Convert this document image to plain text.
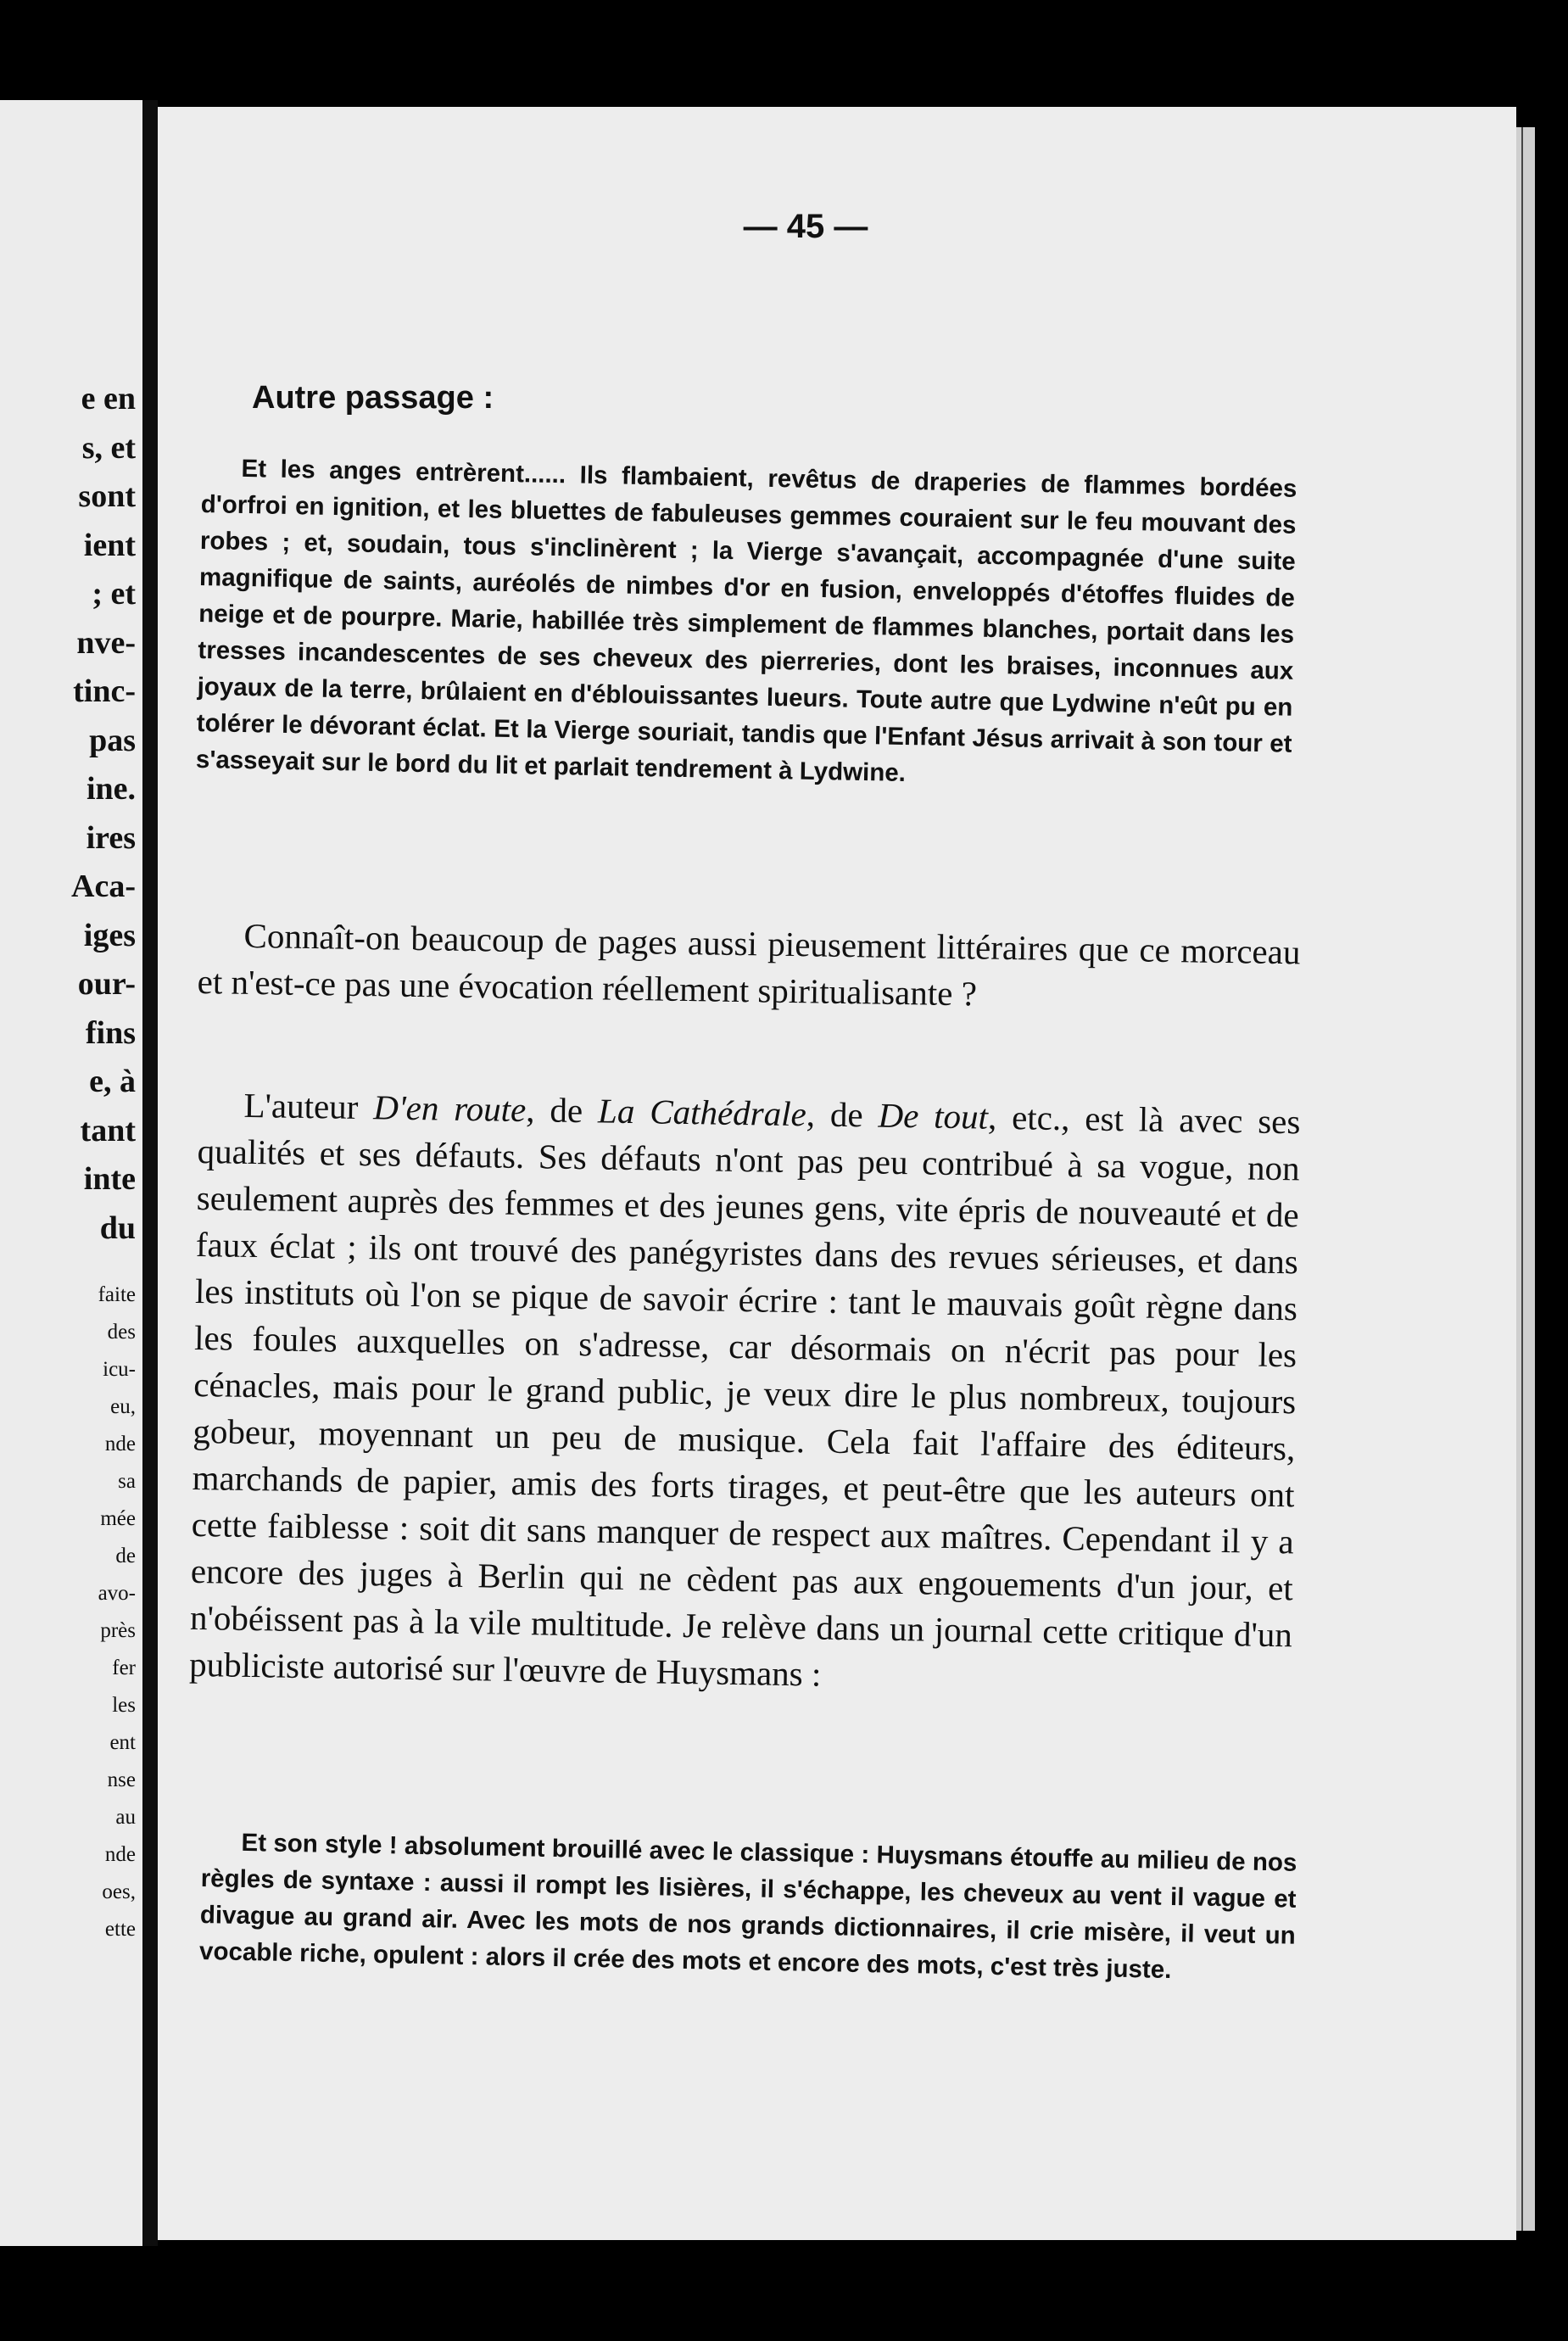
e en

s, et

sont

ient

; et

nve-

tinc-

pas

ine.

ires

Aca-

iges

our-

fins

e, à

tant

inte

du

faite

des

icu-

eu,

nde

sa

mée

de

avo-

près

fer

les

ent

nse

au

nde

oes,

ette

— 45 —

Autre passage :

Et les anges entrèrent...... Ils flambaient, revêtus de draperies de flammes bordées d'orfroi en ignition, et les bluettes de fabuleuses gemmes couraient sur le feu mouvant des robes ; et, soudain, tous s'inclinèrent ; la Vierge s'avançait, accompagnée d'une suite magnifique de saints, auréolés de nimbes d'or en fusion, enveloppés d'étoffes fluides de neige et de pourpre. Marie, habillée très simplement de flammes blanches, portait dans les tresses incandescentes de ses cheveux des pierreries, dont les braises, inconnues aux joyaux de la terre, brûlaient en d'éblouissantes lueurs. Toute autre que Lydwine n'eût pu en tolérer le dévorant éclat. Et la Vierge souriait, tandis que l'Enfant Jésus arrivait à son tour et s'asseyait sur le bord du lit et parlait tendrement à Lydwine.

Connaît-on beaucoup de pages aussi pieusement littéraires que ce morceau et n'est-ce pas une évocation réellement spiritualisante ?

L'auteur D'en route, de La Cathédrale, de De tout, etc., est là avec ses qualités et ses défauts. Ses défauts n'ont pas peu contribué à sa vogue, non seulement auprès des femmes et des jeunes gens, vite épris de nouveauté et de faux éclat ; ils ont trouvé des panégyristes dans des revues sérieuses, et dans les instituts où l'on se pique de savoir écrire : tant le mauvais goût règne dans les foules auxquelles on s'adresse, car désormais on n'écrit pas pour les cénacles, mais pour le grand public, je veux dire le plus nombreux, toujours gobeur, moyennant un peu de musique. Cela fait l'affaire des éditeurs, marchands de papier, amis des forts tirages, et peut-être que les auteurs ont cette faiblesse : soit dit sans manquer de respect aux maîtres. Cependant il y a encore des juges à Berlin qui ne cèdent pas aux engouements d'un jour, et n'obéissent pas à la vile multitude. Je relève dans un journal cette critique d'un publiciste autorisé sur l'œuvre de Huysmans :

Et son style ! absolument brouillé avec le classique : Huysmans étouffe au milieu de nos règles de syntaxe : aussi il rompt les lisières, il s'échappe, les cheveux au vent il vague et divague au grand air. Avec les mots de nos grands dictionnaires, il crie misère, il veut un vocable riche, opulent : alors il crée des mots et encore des mots, c'est très juste.
